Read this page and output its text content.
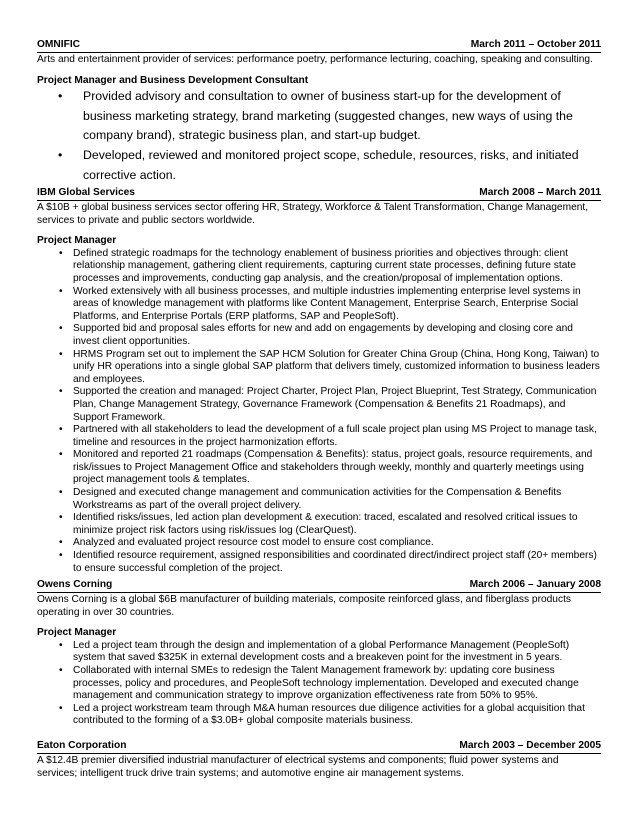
OMNIFIC	March 2011 – October 2011
Arts and entertainment provider of services: performance poetry, performance lecturing, coaching, speaking and consulting.
Project Manager and Business Development Consultant
• Provided advisory and consultation to owner of business start-up for the development of business marketing strategy, brand marketing (suggested changes, new ways of using the company brand), strategic business plan, and start-up budget.
• Developed, reviewed and monitored project scope, schedule, resources, risks, and initiated corrective action.
IBM Global Services	March 2008 – March 2011
A $10B + global business services sector offering HR, Strategy, Workforce & Talent Transformation, Change Management, services to private and public sectors worldwide.
Project Manager
• Defined strategic roadmaps for the technology enablement of business priorities and objectives through: client relationship management, gathering client requirements, capturing current state processes, defining future state processes and improvements, conducting gap analysis, and the creation/proposal of implementation options.
• Worked extensively with all business processes, and multiple industries implementing enterprise level systems in areas of knowledge management with platforms like Content Management, Enterprise Search, Enterprise Social Platforms, and Enterprise Portals (ERP platforms, SAP and PeopleSoft).
• Supported bid and proposal sales efforts for new and add on engagements by developing and closing core and invest client opportunities.
• HRMS Program set out to implement the SAP HCM Solution for Greater China Group (China, Hong Kong, Taiwan) to unify HR operations into a single global SAP platform that delivers timely, customized information to business leaders and employees.
• Supported the creation and managed: Project Charter, Project Plan, Project Blueprint, Test Strategy, Communication Plan, Change Management Strategy, Governance Framework (Compensation & Benefits 21 Roadmaps), and Support Framework.
• Partnered with all stakeholders to lead the development of a full scale project plan using MS Project to manage task, timeline and resources in the project harmonization efforts.
• Monitored and reported 21 roadmaps (Compensation & Benefits): status, project goals, resource requirements, and risk/issues to Project Management Office and stakeholders through weekly, monthly and quarterly meetings using project management tools & templates.
• Designed and executed change management and communication activities for the Compensation & Benefits Workstreams as part of the overall project delivery.
• Identified risks/issues, led action plan development & execution: traced, escalated and resolved critical issues to minimize project risk factors using risk/issues log (ClearQuest).
• Analyzed and evaluated project resource cost model to ensure cost compliance.
• Identified resource requirement, assigned responsibilities and coordinated direct/indirect project staff (20+ members) to ensure successful completion of the project.
Owens Corning	March 2006 – January 2008
Owens Corning is a global $6B manufacturer of building materials, composite reinforced glass, and fiberglass products operating in over 30 countries.
Project Manager
• Led a project team through the design and implementation of a global Performance Management (PeopleSoft) system that saved $325K in external development costs and a breakeven point for the investment in 5 years.
• Collaborated with internal SMEs to redesign the Talent Management framework by: updating core business processes, policy and procedures, and PeopleSoft technology implementation. Developed and executed change management and communication strategy to improve organization effectiveness rate from 50% to 95%.
• Led a project workstream team through M&A human resources due diligence activities for a global acquisition that contributed to the forming of a $3.0B+ global composite materials business.
Eaton Corporation	March 2003 – December 2005
A $12.4B premier diversified industrial manufacturer of electrical systems and components; fluid power systems and services; intelligent truck drive train systems; and automotive engine air management systems.
